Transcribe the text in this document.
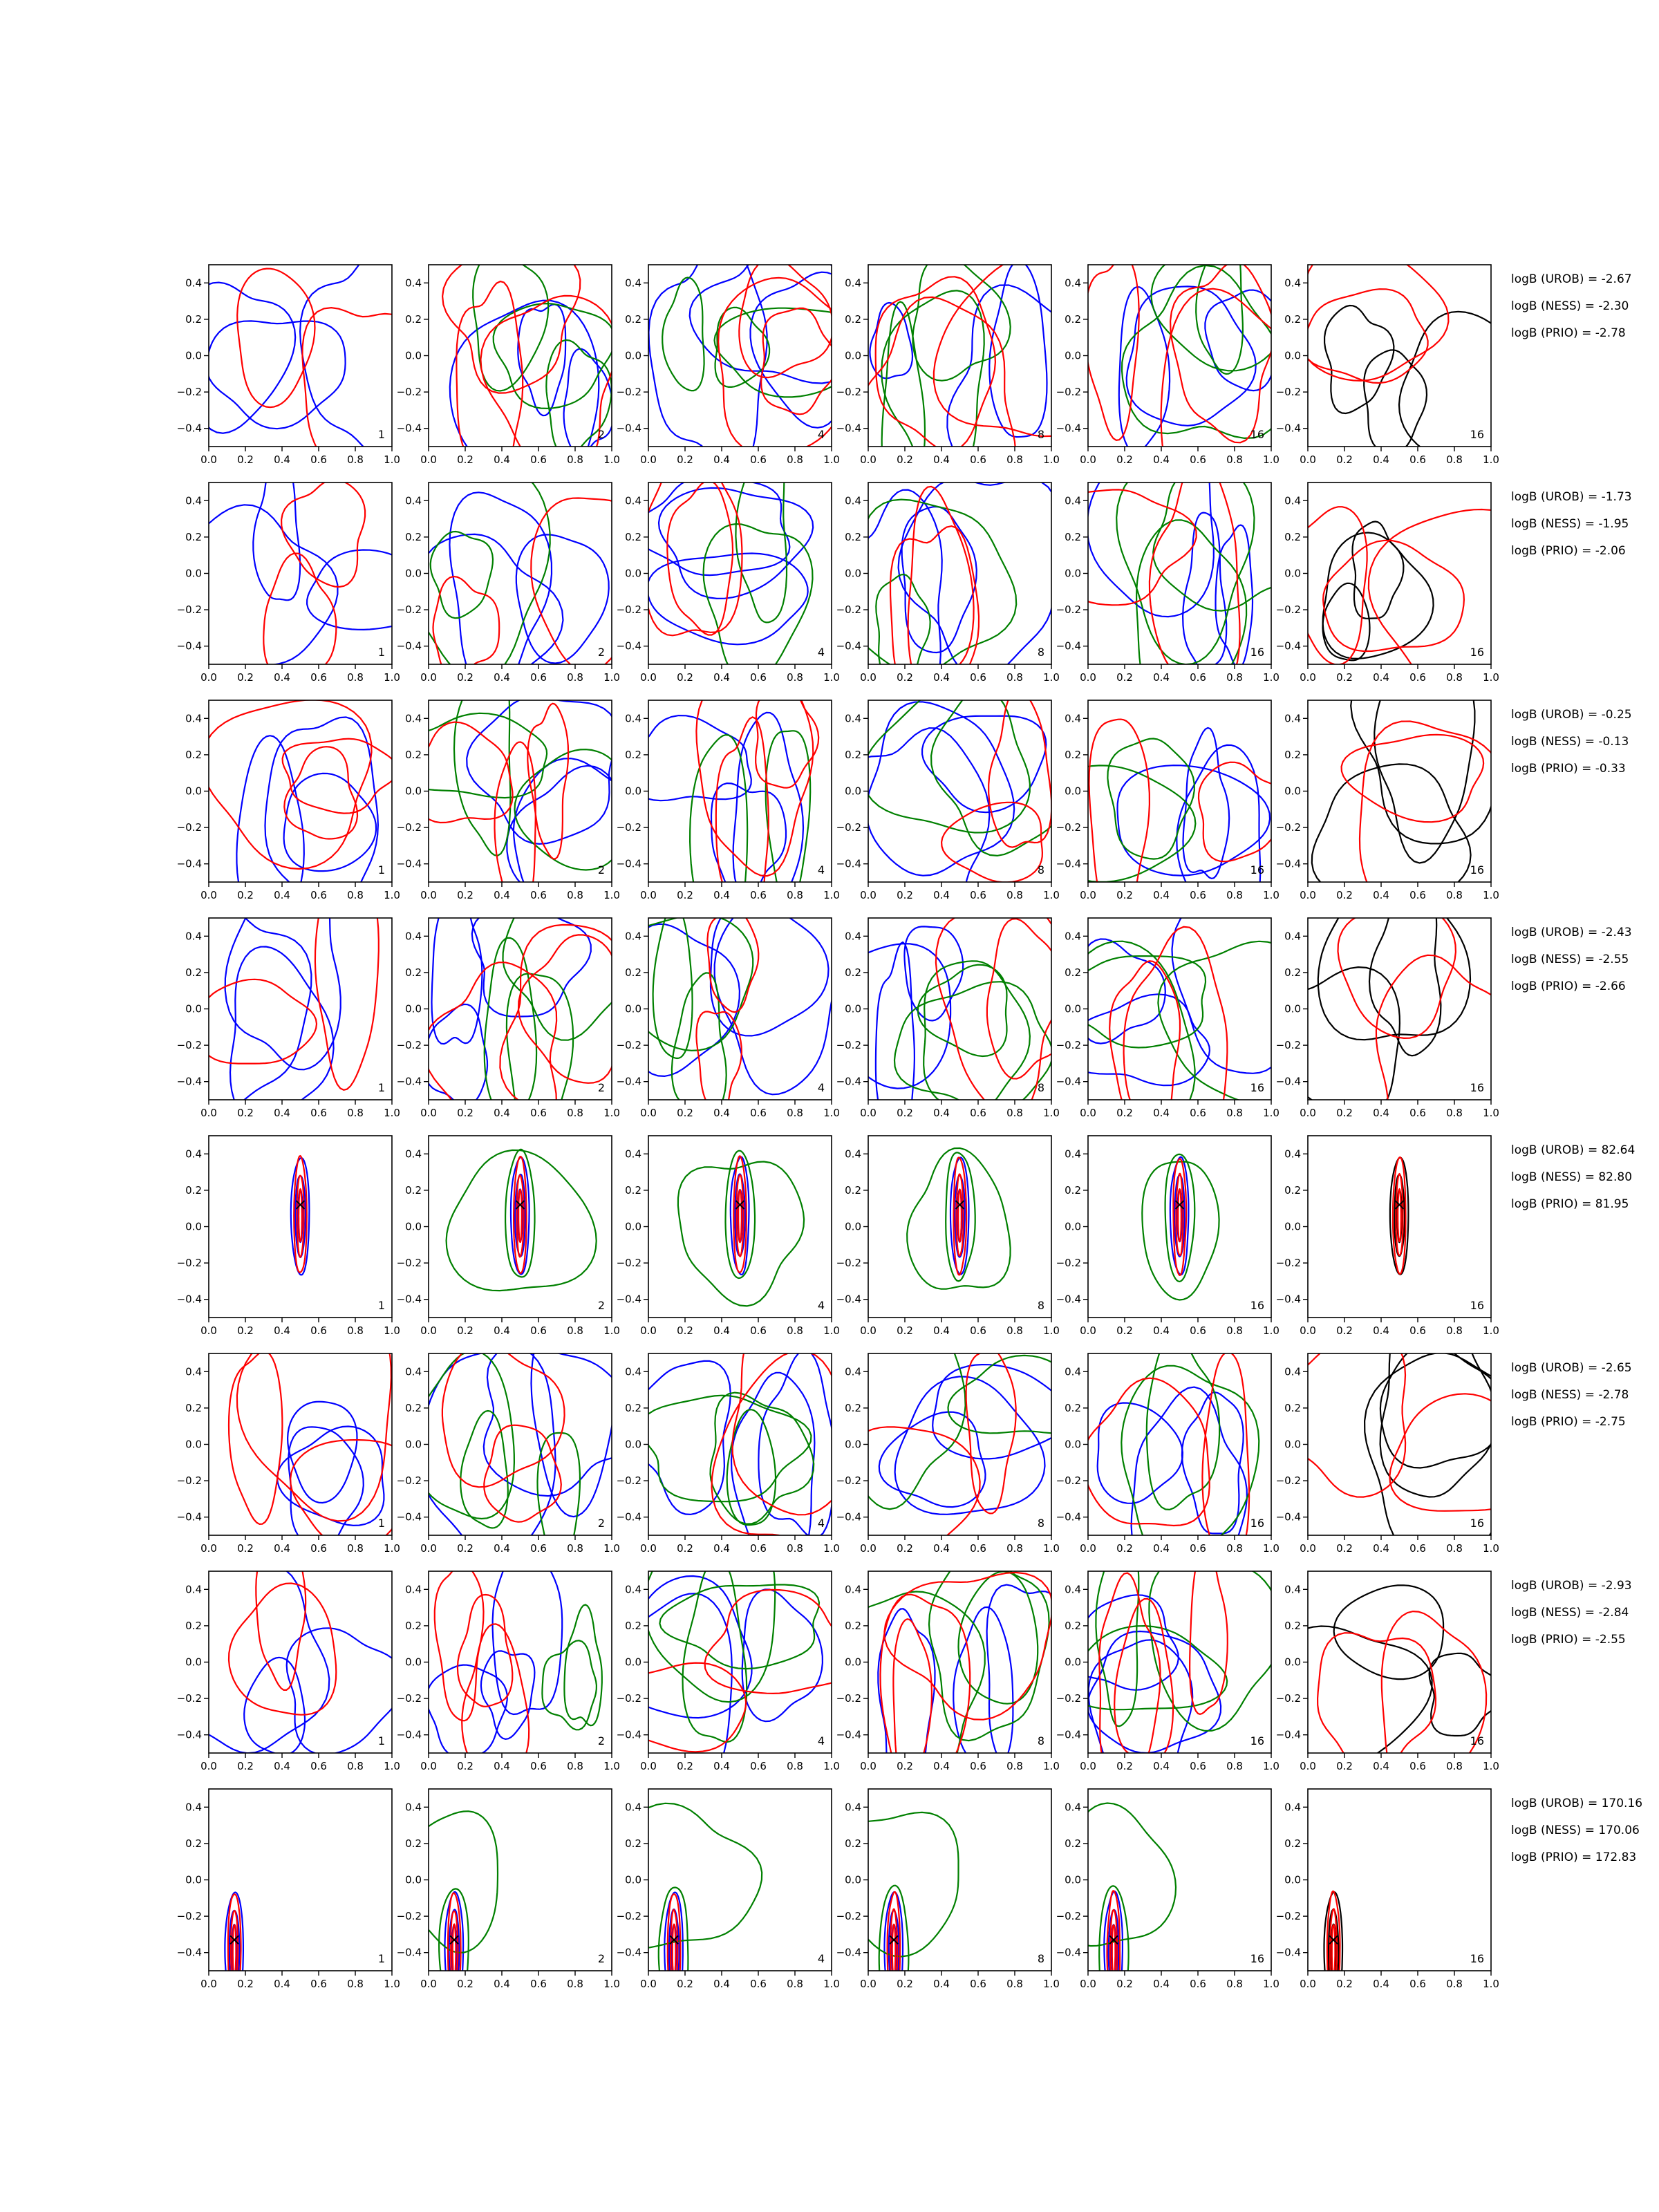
0.0 0.2 0.4 0.6 0.8 1.0
0.4
0.2
0.0
−0.2
−0.4	1
0.0 0.2 0.4 0.6 0.8 1.0
0.4
0.2
0.0
−0.2
−0.4	2
0.0 0.2 0.4 0.6 0.8 1.0
0.4
0.2
0.0
−0.2
−0.4	4
0.0 0.2 0.4 0.6 0.8 1.0
0.4
0.2
0.0
−0.2
−0.4	8
0.0 0.2 0.4 0.6 0.8 1.0
0.4
0.2
0.0
−0.2
−0.4	16
0.0 0.2 0.4 0.6 0.8 1.0
0.4
0.2
0.0
−0.2
−0.4	16
logB (UROB) = -2.67
logB (NESS) = -2.30
logB (PRIO) = -2.78
0.0 0.2 0.4 0.6 0.8 1.0
0.4
0.2
0.0
−0.2
−0.4	1
0.0 0.2 0.4 0.6 0.8 1.0
0.4
0.2
0.0
−0.2
−0.4	2
0.0 0.2 0.4 0.6 0.8 1.0
0.4
0.2
0.0
−0.2
−0.4	4
0.0 0.2 0.4 0.6 0.8 1.0
0.4
0.2
0.0
−0.2
−0.4	8
0.0 0.2 0.4 0.6 0.8 1.0
0.4
0.2
0.0
−0.2
−0.4	16
0.0 0.2 0.4 0.6 0.8 1.0
0.4
0.2
0.0
−0.2
−0.4	16
logB (UROB) = -1.73
logB (NESS) = -1.95
logB (PRIO) = -2.06
0.0 0.2 0.4 0.6 0.8 1.0
0.4
0.2
0.0
−0.2
−0.4	1
0.0 0.2 0.4 0.6 0.8 1.0
0.4
0.2
0.0
−0.2
−0.4	2
0.0 0.2 0.4 0.6 0.8 1.0
0.4
0.2
0.0
−0.2
−0.4	4
0.0 0.2 0.4 0.6 0.8 1.0
0.4
0.2
0.0
−0.2
−0.4	8
0.0 0.2 0.4 0.6 0.8 1.0
0.4
0.2
0.0
−0.2
−0.4	16
0.0 0.2 0.4 0.6 0.8 1.0
0.4
0.2
0.0
−0.2
−0.4	16
logB (UROB) = -0.25
logB (NESS) = -0.13
logB (PRIO) = -0.33
0.0 0.2 0.4 0.6 0.8 1.0
0.4
0.2
0.0
−0.2
−0.4	1
0.0 0.2 0.4 0.6 0.8 1.0
0.4
0.2
0.0
−0.2
−0.4	2
0.0 0.2 0.4 0.6 0.8 1.0
0.4
0.2
0.0
−0.2
−0.4	4
0.0 0.2 0.4 0.6 0.8 1.0
0.4
0.2
0.0
−0.2
−0.4	8
0.0 0.2 0.4 0.6 0.8 1.0
0.4
0.2
0.0
−0.2
−0.4	16
0.0 0.2 0.4 0.6 0.8 1.0
0.4
0.2
0.0
−0.2
−0.4	16
logB (UROB) = -2.43
logB (NESS) = -2.55
logB (PRIO) = -2.66
0.0 0.2 0.4 0.6 0.8 1.0
0.4
0.2
0.0
−0.2
−0.4	1
0.0 0.2 0.4 0.6 0.8 1.0
0.4
0.2
0.0
−0.2
−0.4	2
0.0 0.2 0.4 0.6 0.8 1.0
0.4
0.2
0.0
−0.2
−0.4	4
0.0 0.2 0.4 0.6 0.8 1.0
0.4
0.2
0.0
−0.2
−0.4	8
0.0 0.2 0.4 0.6 0.8 1.0
0.4
0.2
0.0
−0.2
−0.4	16
0.0 0.2 0.4 0.6 0.8 1.0
0.4
0.2
0.0
−0.2
−0.4	16
logB (UROB) = 82.64
logB (NESS) = 82.80
logB (PRIO) = 81.95
0.0 0.2 0.4 0.6 0.8 1.0
0.4
0.2
0.0
−0.2
−0.4	1
0.0 0.2 0.4 0.6 0.8 1.0
0.4
0.2
0.0
−0.2
−0.4	2
0.0 0.2 0.4 0.6 0.8 1.0
0.4
0.2
0.0
−0.2
−0.4	4
0.0 0.2 0.4 0.6 0.8 1.0
0.4
0.2
0.0
−0.2
−0.4	8
0.0 0.2 0.4 0.6 0.8 1.0
0.4
0.2
0.0
−0.2
−0.4	16
0.0 0.2 0.4 0.6 0.8 1.0
0.4
0.2
0.0
−0.2
−0.4	16
logB (UROB) = -2.65
logB (NESS) = -2.78
logB (PRIO) = -2.75
0.0 0.2 0.4 0.6 0.8 1.0
0.4
0.2
0.0
−0.2
−0.4	1
0.0 0.2 0.4 0.6 0.8 1.0
0.4
0.2
0.0
−0.2
−0.4	2
0.0 0.2 0.4 0.6 0.8 1.0
0.4
0.2
0.0
−0.2
−0.4	4
0.0 0.2 0.4 0.6 0.8 1.0
0.4
0.2
0.0
−0.2
−0.4	8
0.0 0.2 0.4 0.6 0.8 1.0
0.4
0.2
0.0
−0.2
−0.4	16
0.0 0.2 0.4 0.6 0.8 1.0
0.4
0.2
0.0
−0.2
−0.4	16
logB (UROB) = -2.93
logB (NESS) = -2.84
logB (PRIO) = -2.55
0.0 0.2 0.4 0.6 0.8 1.0
0.4
0.2
0.0
−0.2
−0.4	1
0.0 0.2 0.4 0.6 0.8 1.0
0.4
0.2
0.0
−0.2
−0.4	2
0.0 0.2 0.4 0.6 0.8 1.0
0.4
0.2
0.0
−0.2
−0.4	4
0.0 0.2 0.4 0.6 0.8 1.0
0.4
0.2
0.0
−0.2
−0.4	8
0.0 0.2 0.4 0.6 0.8 1.0
0.4
0.2
0.0
−0.2
−0.4	16
0.0 0.2 0.4 0.6 0.8 1.0
0.4
0.2
0.0
−0.2
−0.4	16
logB (UROB) = 170.16
logB (NESS) = 170.06
logB (PRIO) = 172.83
